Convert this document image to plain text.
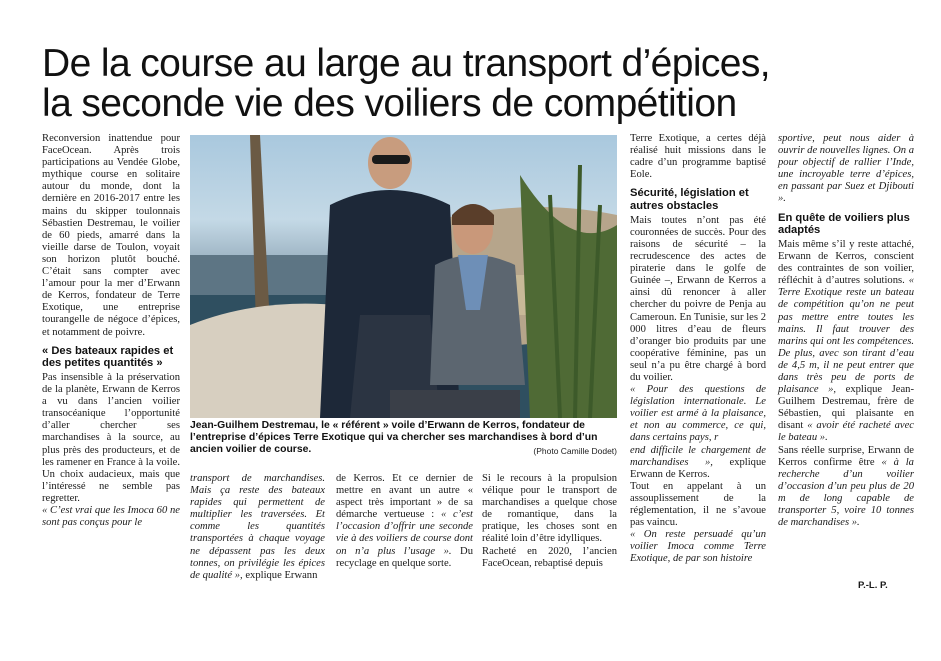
De la course au large au transport d’épices,
la seconde vie des voiliers de compétition

Reconversion inattendue pour FaceOcean. Après trois participations au Vendée Globe, mythique course en solitaire autour du monde, dont la dernière en 2016-2017 entre les mains du skipper toulonnais Sébastien Destremau, le voilier de 60 pieds, amarré dans la vieille darse de Toulon, voyait son horizon plutôt bouché. C’était sans compter avec l’amour pour la mer d’Erwann de Kerros, fondateur de Terre Exotique, une entreprise tourangelle de négoce d’épices, et notamment de poivre.

« Des bateaux rapides et des petites quantités »

Pas insensible à la préservation de la planète, Erwann de Kerros a vu dans l’ancien voilier transocéanique l’opportunité d’aller chercher ses marchandises à la source, au plus près des producteurs, et de les ramener en France à la voile. Un choix audacieux, mais que l’intéressé ne semble pas regretter.

« C’est vrai que les Imoca 60 ne sont pas conçus pour le

Jean-Guilhem Destremau, le « référent » voile d’Erwann de Kerros, fondateur de l’entreprise d’épices Terre Exotique qui va chercher ses marchandises à bord d’un ancien voilier de course.	(Photo Camille Dodet)

transport de marchandises. Mais ça reste des bateaux rapides qui permettent de multiplier les traversées. Et comme les quantités transportées à chaque voyage ne dépassent pas les deux tonnes, on privilégie les épices de qualité », explique Erwann

de Kerros. Et ce dernier de mettre en avant un autre « aspect très important » de sa démarche vertueuse : « c’est l’occasion d’offrir une seconde vie à des voiliers de course dont on n’a plus l’usage ». Du recyclage en quelque sorte.

Si le recours à la propulsion vélique pour le transport de marchandises a quelque chose de romantique, dans la pratique, les choses sont en réalité loin d’être idylliques.

Racheté en 2020, l’ancien FaceOcean, rebaptisé depuis

Terre Exotique, a certes déjà réalisé huit missions dans le cadre d’un programme baptisé Eole.

Sécurité, législation et autres obstacles

Mais toutes n’ont pas été couronnées de succès. Pour des raisons de sécurité – la recrudescence des actes de piraterie dans le golfe de Guinée –, Erwann de Kerros a ainsi dû renoncer à aller chercher du poivre de Penja au Cameroun. En Tunisie, sur les 2 000 litres d’eau de fleurs d’oranger bio produits par une coopérative féminine, pas un seul n’a pu être chargé à bord du voilier.

« Pour des questions de législation internationale. Le voilier est armé à la plaisance, et non au commerce, ce qui, dans certains pays, r

end difficile le chargement de marchandises », explique Erwann de Kerros.

Tout en appelant à un assouplissement de la réglementation, il ne s’avoue pas vaincu.

« On reste persuadé qu’un voilier Imoca comme Terre Exotique, de par son histoire

sportive, peut nous aider à ouvrir de nouvelles lignes. On a pour objectif de rallier l’Inde, une incroyable terre d’épices, en passant par Suez et Djibouti ».

En quête de voiliers plus adaptés

Mais même s’il y reste attaché, Erwann de Kerros, conscient des contraintes de son voilier, réfléchit à d’autres solutions. « Terre Exotique reste un bateau de compétition qu’on ne peut pas mettre entre toutes les mains. Il faut trouver des marins qui ont les compétences. De plus, avec son tirant d’eau de 4,5 m, il ne peut entrer que dans très peu de ports de plaisance », explique Jean-Guilhem Destremau, frère de Sébastien, qui plaisante en disant « avoir été racheté avec le bateau ».

Sans réelle surprise, Erwann de Kerros confirme être « à la recherche d’un voilier d’occasion d’un peu plus de 20 m de long capable de transporter 5, voire 10 tonnes de marchandises ».

P.-L. P.
